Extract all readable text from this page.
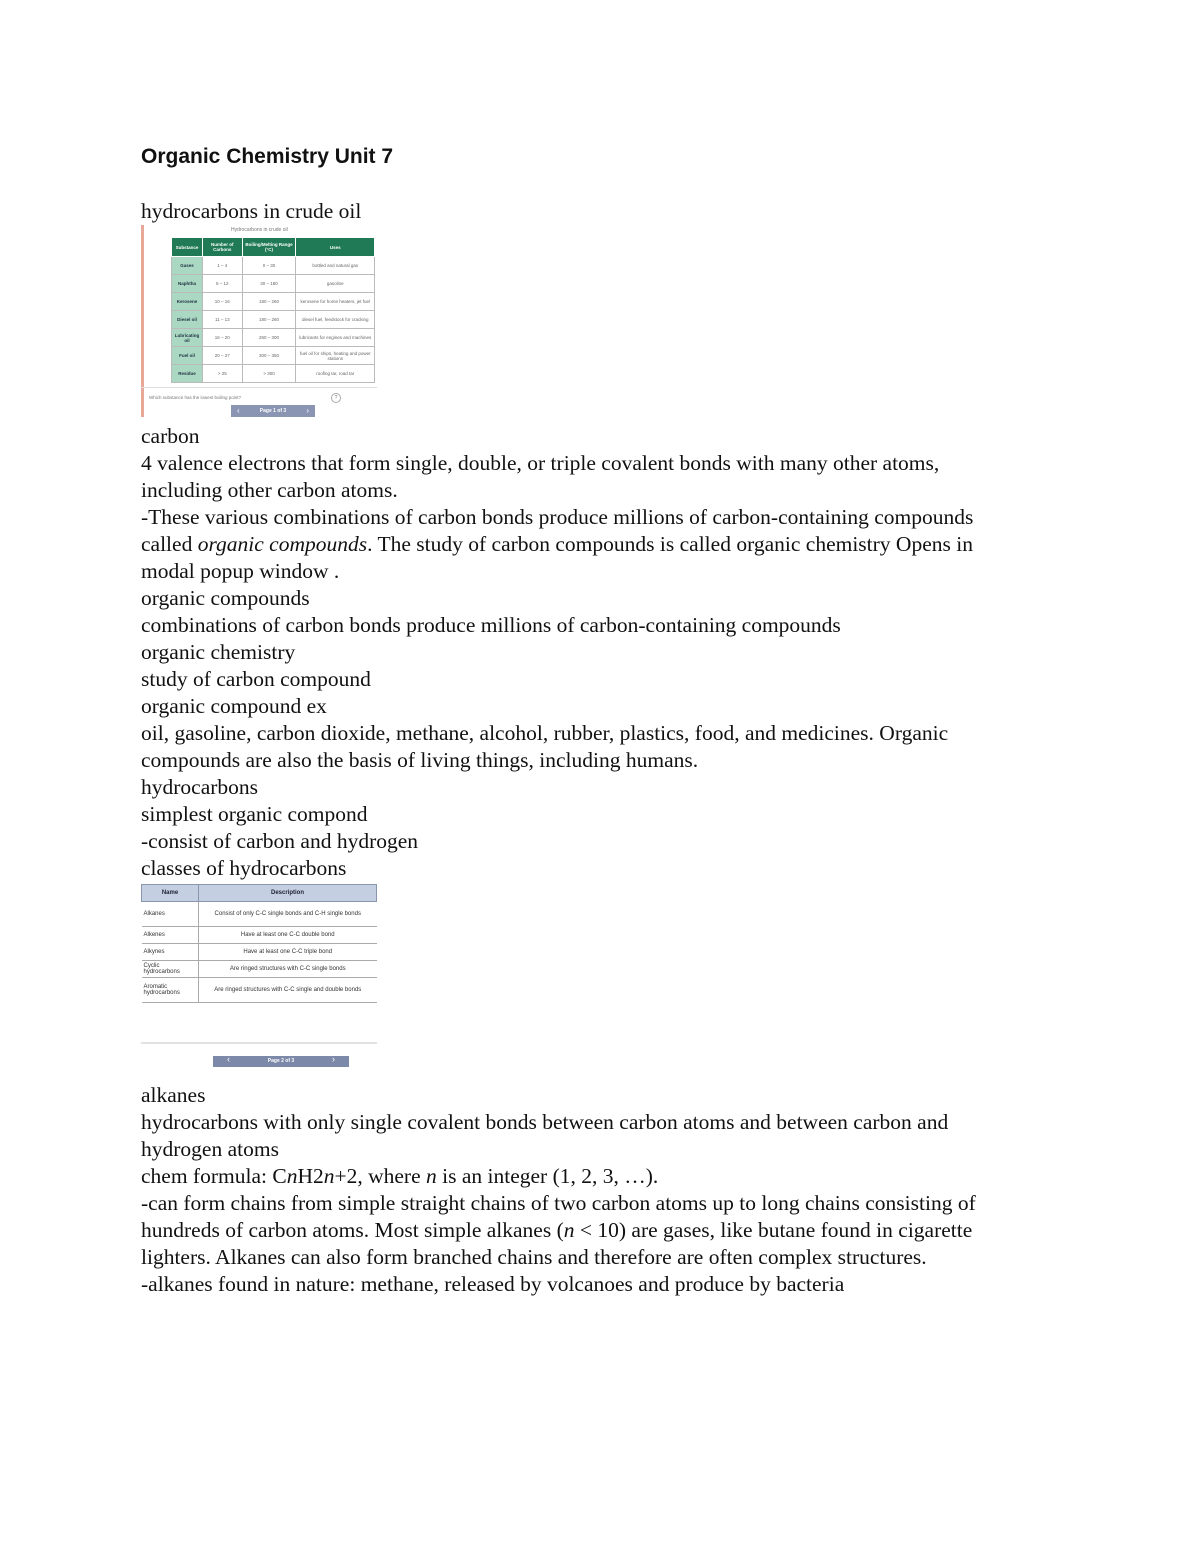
Organic Chemistry Unit 7

hydrocarbons in crude oil

Hydrocarbons in crude oil
Substance	Number of Carbons	Boiling/Melting Range (°C)	Uses
Gases	1 – 4	0 – 30	bottled and natural gas
Naphtha	5 – 12	30 – 180	gasoline
Kerosene	10 – 16	180 – 260	kerosene for home heaters, jet fuel
Diesel oil	11 – 13	180 – 260	diesel fuel, feedstock for cracking
Lubricating oil	16 – 20	260 – 300	lubricants for engines and machines
Fuel oil	20 – 27	300 – 350	fuel oil for ships, heating and power stations
Residue	> 25	> 300	roofing tar, road tar
Which substance has the lowest boiling point?	?
‹	Page 1 of 3	›

carbon

4 valence electrons that form single, double, or triple covalent bonds with many other atoms,

including other carbon atoms.

-These various combinations of carbon bonds produce millions of carbon-containing compounds

called organic compounds. The study of carbon compounds is called organic chemistry Opens in

modal popup window .

organic compounds

combinations of carbon bonds produce millions of carbon-containing compounds

organic chemistry

study of carbon compound

organic compound ex

oil, gasoline, carbon dioxide, methane, alcohol, rubber, plastics, food, and medicines. Organic

compounds are also the basis of living things, including humans.

hydrocarbons

simplest organic compond

-consist of carbon and hydrogen

classes of hydrocarbons

Name	Description
Alkanes	Consist of only C-C single bonds and C-H single bonds
Alkenes	Have at least one C-C double bond
Alkynes	Have at least one C-C triple bond
Cyclic hydrocarbons	Are ringed structures with C-C single bonds
Aromatic hydrocarbons	Are ringed structures with C-C single and double bonds
‹	Page 2 of 3	›

alkanes

hydrocarbons with only single covalent bonds between carbon atoms and between carbon and

hydrogen atoms

chem formula: CnH2n+2, where n is an integer (1, 2, 3, …).

-can form chains from simple straight chains of two carbon atoms up to long chains consisting of

hundreds of carbon atoms. Most simple alkanes (n < 10) are gases, like butane found in cigarette

lighters. Alkanes can also form branched chains and therefore are often complex structures.

-alkanes found in nature: methane, released by volcanoes and produce by bacteria
